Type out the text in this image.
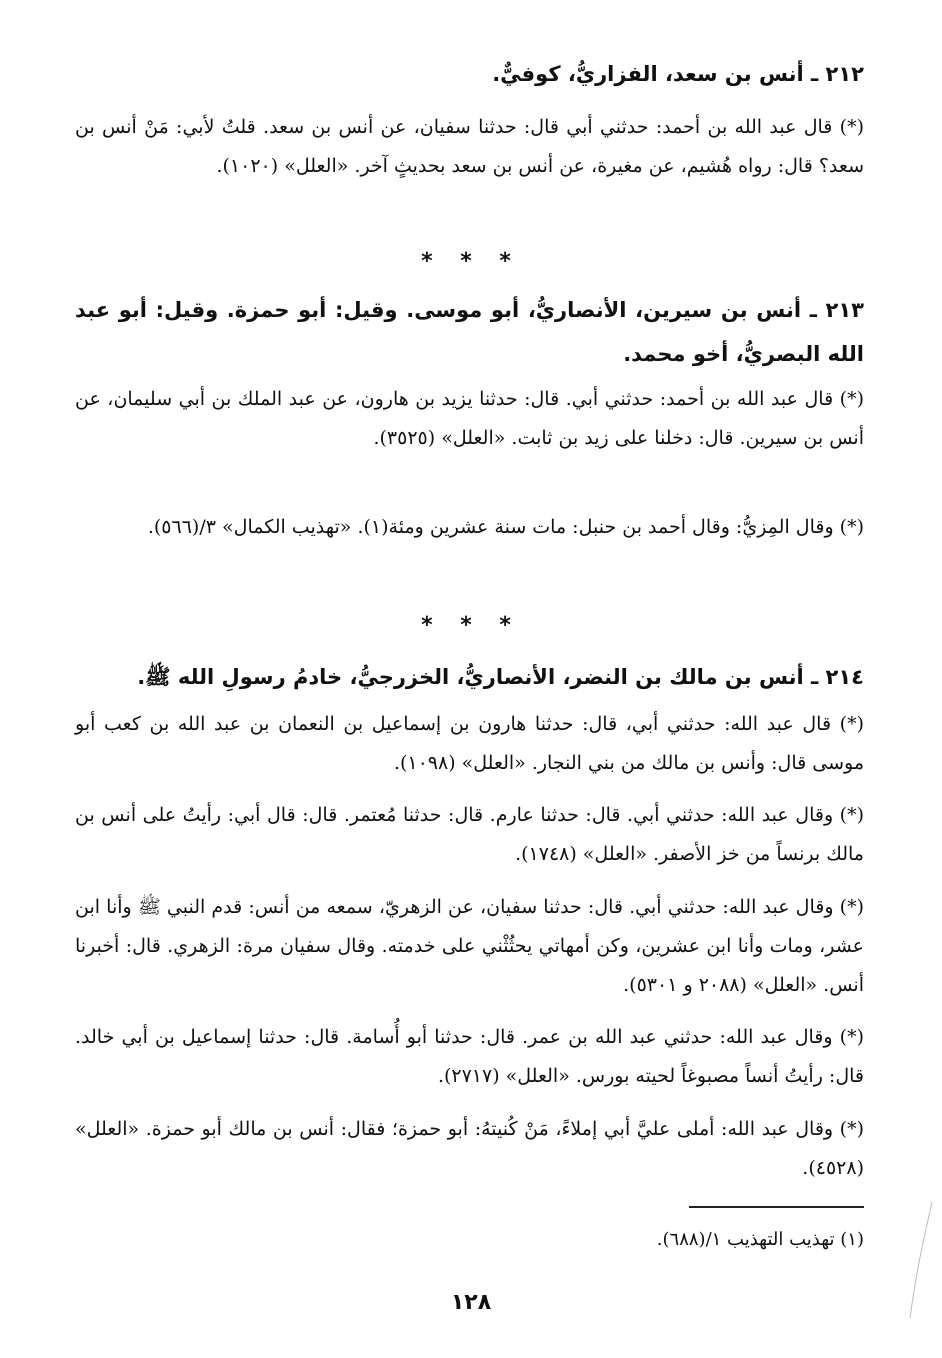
٢١٢ ـ أنس بن سعد، الفزاريُّ، كوفيٌّ.
(*) قال عبد الله بن أحمد: حدثني أبي قال: حدثنا سفيان، عن أنس بن سعد. قلتُ لأبي: مَنْ أنس بن سعد؟ قال: رواه هُشيم، عن مغيرة، عن أنس بن سعد بحديثٍ آخر. «العلل» (١٠٢٠).
* * *
٢١٣ ـ أنس بن سيرين، الأنصاريُّ، أبو موسى. وقيل: أبو حمزة. وقيل: أبو عبد الله البصريُّ، أخو محمد.
(*) قال عبد الله بن أحمد: حدثني أبي. قال: حدثنا يزيد بن هارون، عن عبد الملك بن أبي سليمان، عن أنس بن سيرين. قال: دخلنا على زيد بن ثابت. «العلل» (٣٥٢٥).
(*) وقال المِزيُّ: وقال أحمد بن حنبل: مات سنة عشرين ومئة(١). «تهذيب الكمال» ٣/(٥٦٦).
* * *
٢١٤ ـ أنس بن مالك بن النضر، الأنصاريُّ، الخزرجيُّ، خادمُ رسولِ الله ﷺ.
(*) قال عبد الله: حدثني أبي، قال: حدثنا هارون بن إسماعيل بن النعمان بن عبد الله بن كعب أبو موسى قال: وأنس بن مالك من بني النجار. «العلل» (١٠٩٨).
(*) وقال عبد الله: حدثني أبي. قال: حدثنا عارم. قال: حدثنا مُعتمر. قال: قال أبي: رأيتُ على أنس بن مالك برنساً من خز الأصفر. «العلل» (١٧٤٨).
(*) وقال عبد الله: حدثني أبي. قال: حدثنا سفيان، عن الزهريّ، سمعه من أنس: قدم النبي ﷺ وأنا ابن عشر، ومات وأنا ابن عشرين، وكن أمهاتي يحثُثْني على خدمته. وقال سفيان مرة: الزهري. قال: أخبرنا أنس. «العلل» (٢٠٨٨ و ٥٣٠١).
(*) وقال عبد الله: حدثني عبد الله بن عمر. قال: حدثنا أبو أُسامة. قال: حدثنا إسماعيل بن أبي خالد. قال: رأيتُ أنساً مصبوغاً لحيته بورس. «العلل» (٢٧١٧).
(*) وقال عبد الله: أملى عليَّ أبي إملاءً، مَنْ كُنيتهُ: أبو حمزة؛ فقال: أنس بن مالك أبو حمزة. «العلل» (٤٥٢٨).
(١) تهذيب التهذيب ١/(٦٨٨).
١٢٨
